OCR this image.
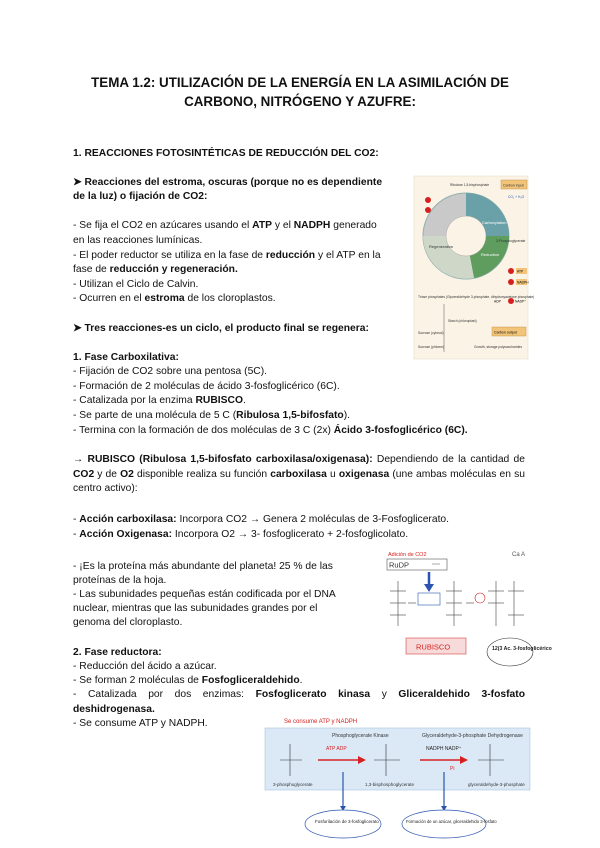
TEMA 1.2: UTILIZACIÓN DE LA ENERGÍA EN LA ASIMILACIÓN DE
CARBONO, NITRÓGENO Y AZUFRE:
1. REACCIONES FOTOSINTÉTICAS DE REDUCCIÓN DEL CO2:
➤ Reacciones del estroma, oscuras (porque no es dependiente
de la luz) o fijación de CO2:
- Se fija el CO2 en azúcares usando el ATP y el NADPH generado
en las reacciones lumínicas.
- El poder reductor se utiliza en la fase de reducción y el ATP en la
fase de reducción y regeneración.
- Utilizan el Ciclo de Calvin.
- Ocurren en el estroma de los cloroplastos.
➤ Tres reacciones-es un ciclo, el producto final se regenera:
1. Fase Carboxilativa:
- Fijación de CO2 sobre una pentosa (5C).
- Formación de 2 moléculas de ácido 3-fosfoglicérico (6C).
- Catalizada por la enzima RUBISCO.
- Se parte de una molécula de 5 C (Ribulosa 1,5-bifosfato).
- Termina con la formación de dos moléculas de 3 C (2x) Ácido 3-fosfoglicérico (6C).
→ RUBISCO (Ribulosa 1,5-bifosfato carboxilasa/oxigenasa): Dependiendo de la cantidad de CO2 y de O2 disponible realiza su función carboxilasa u oxigenasa (une ambas moléculas en su centro activo):
- Acción carboxilasa: Incorpora CO2 → Genera 2 moléculas de 3-Fosfoglicerato.
- Acción Oxigenasa: Incorpora O2 → 3- fosfoglicerato + 2-fosfoglicolato.
- ¡Es la proteína más abundante del planeta! 25 % de las
proteínas de la hoja.
- Las subunidades pequeñas están codificada por el DNA
nuclear, mientras que las subunidades grandes por el
genoma del cloroplasto.
2. Fase reductora:
- Reducción del ácido a azúcar.
- Se forman 2 moléculas de Fosfogliceraldehido.
- Catalizada por dos enzimas: Fosfoglicerato kinasa y Gliceraldehido 3-fosfato deshidrogenasa.
- Se consume ATP y NADPH.
Carboxylation
Regeneration
Reduction
Ribulose 1,5-bisphosphate
3-Phosphoglycerate
Carbon input
CO₂ + H₂O
ATP
NADPH
NADP⁺
ADP
Triose phosphates (Glyceraldehyde 3-phosphate, dihydroxyacetone phosphate)
Starch (chloroplast)
Sucrose (cytosol)	Carbon output
Sucrose (phloem)	Growth, storage polysaccharides
Adición de CO2	Ca A
RuDP
RUBISCO	12(3 Ac. 3-fosfoglicérico
Se consume ATP y NADPH
Phosphoglycerate Kinase	Glyceraldehyde-3-phosphate Dehydrogenase
ATP ADP	NADPH NADP⁺
Pi
3-phosphoglycerate	1,3-bisphosphoglycerate	glyceraldehyde-3-phosphate
Fosforilación de 3-fosfoglicerato	Formación de un azúcar, gliceraldehido 3-fosfato
